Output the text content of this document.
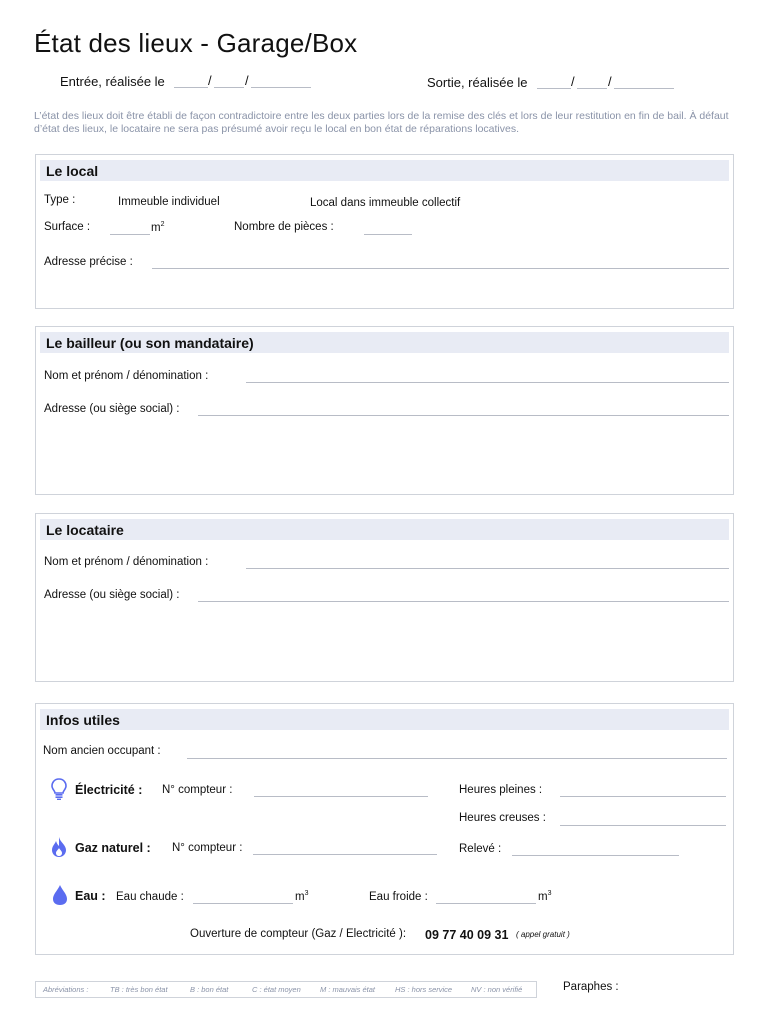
État des lieux - Garage/Box
Entrée, réalisée le	/	/	Sortie, réalisée le	/	/
L’état des lieux doit être établi de façon contradictoire entre les deux parties lors de la remise des clés et lors de leur restitution en fin de bail. À défaut d’état des lieux, le locataire ne sera pas présumé avoir reçu le local en bon état de réparations locatives.
Le local
Type :	Immeuble individuel	Local dans immeuble collectif
Surface :	$m^2$	Nombre de pièces :
Adresse précise :
Le bailleur (ou son mandataire)
Nom et prénom / dénomination :
Adresse (ou siège social) :
Le locataire
Nom et prénom / dénomination :
Adresse (ou siège social) :
Infos utiles
Nom ancien occupant :
Électricité : N° compteur :	Heures pleines :
Heures creuses :
Gaz naturel : N° compteur :	Relevé :
Eau : Eau chaude :	$m^3$	Eau froide :	$m^3$
Ouverture de compteur (Gaz / Electricité ): 09 77 40 09 31 ( appel gratuit )
Abréviations :	TB : très bon état	B : bon état	C : état moyen	M : mauvais état	HS : hors service	NV : non vérifié	Paraphes :
